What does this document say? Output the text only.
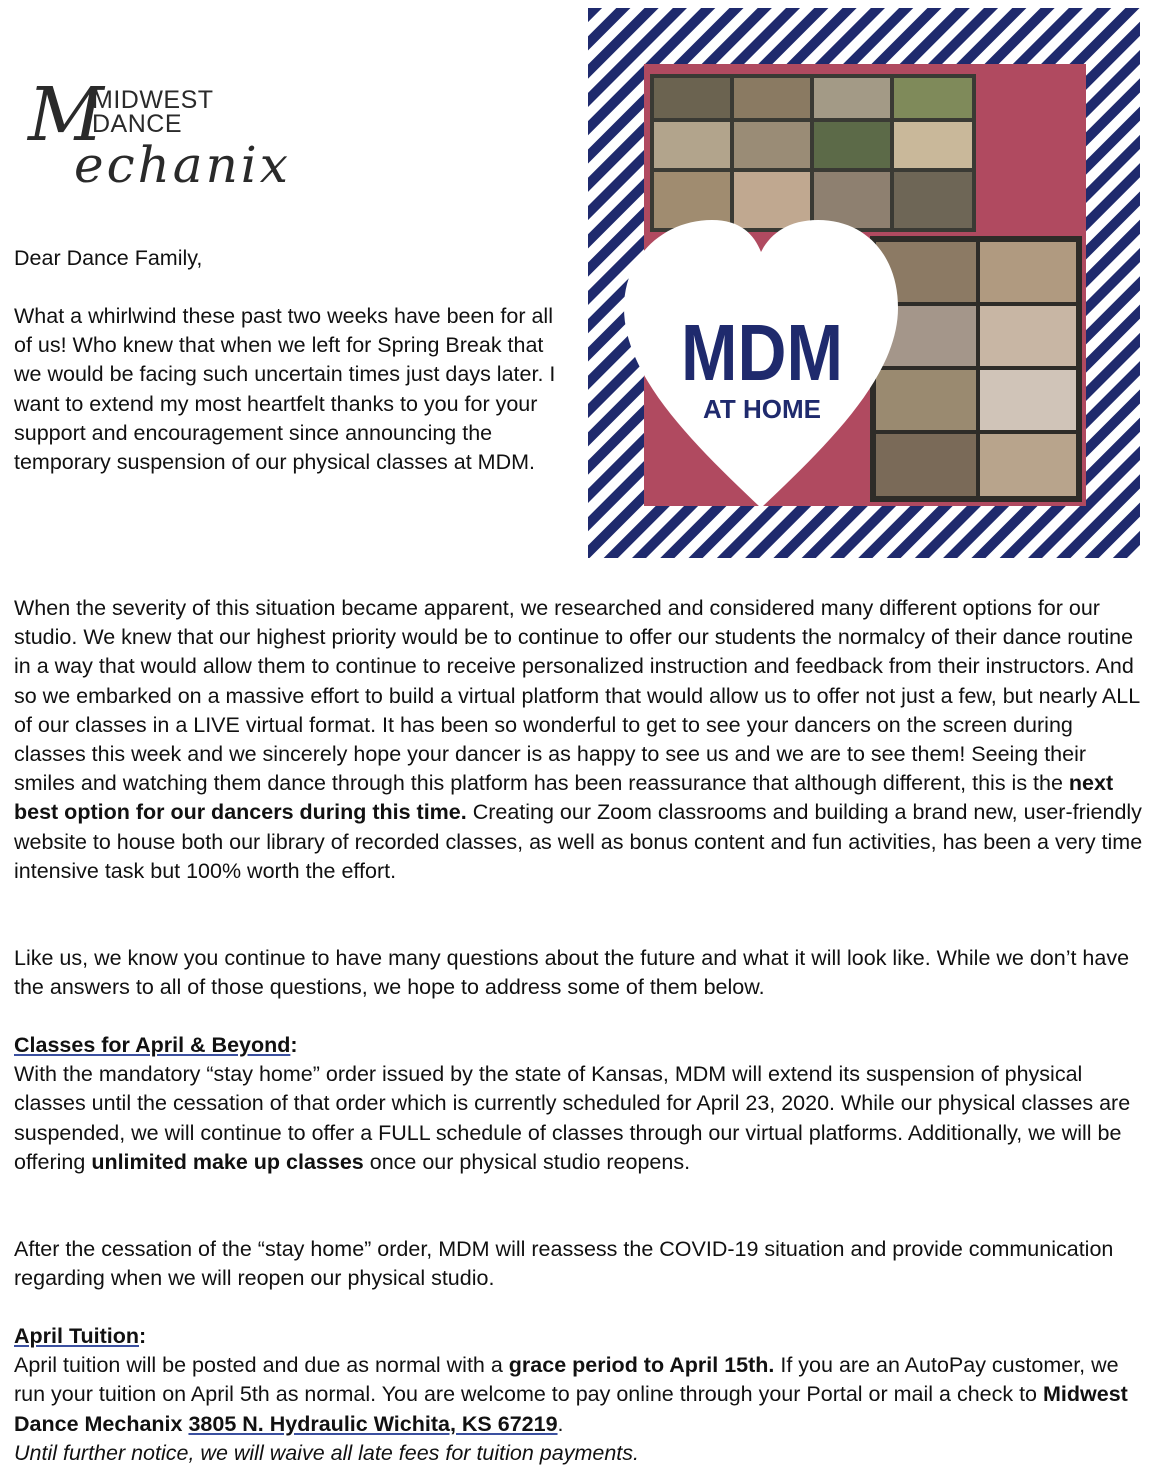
M
MIDWEST
DANCE
echanix
MDM
AT HOME
Dear Dance Family,
What a whirlwind these past two weeks have been for all of us! Who knew that when we left for Spring Break that we would be facing such uncertain times just days later. I want to extend my most heartfelt thanks to you for your support and encouragement since announcing the temporary suspension of our physical classes at MDM.
When the severity of this situation became apparent, we researched and considered many different options for our studio. We knew that our highest priority would be to continue to offer our students the normalcy of their dance routine in a way that would allow them to continue to receive personalized instruction and feedback from their instructors. And so we embarked on a massive effort to build a virtual platform that would allow us to offer not just a few, but nearly ALL of our classes in a LIVE virtual format. It has been so wonderful to get to see your dancers on the screen during classes this week and we sincerely hope your dancer is as happy to see us and we are to see them! Seeing their smiles and watching them dance through this platform has been reassurance that although different, this is the next best option for our dancers during this time. Creating our Zoom classrooms and building a brand new, user-friendly website to house both our library of recorded classes, as well as bonus content and fun activities, has been a very time intensive task but 100% worth the effort.
Like us, we know you continue to have many questions about the future and what it will look like. While we don’t have the answers to all of those questions, we hope to address some of them below.
Classes for April & Beyond:
With the mandatory “stay home” order issued by the state of Kansas, MDM will extend its suspension of physical classes until the cessation of that order which is currently scheduled for April 23, 2020. While our physical classes are suspended, we will continue to offer a FULL schedule of classes through our virtual platforms. Additionally, we will be offering unlimited make up classes once our physical studio reopens.
After the cessation of the “stay home” order, MDM will reassess the COVID-19 situation and provide communication regarding when we will reopen our physical studio.
April Tuition:
April tuition will be posted and due as normal with a grace period to April 15th. If you are an AutoPay customer, we run your tuition on April 5th as normal. You are welcome to pay online through your Portal or mail a check to Midwest Dance Mechanix 3805 N. Hydraulic Wichita, KS 67219.
Until further notice, we will waive all late fees for tuition payments.
